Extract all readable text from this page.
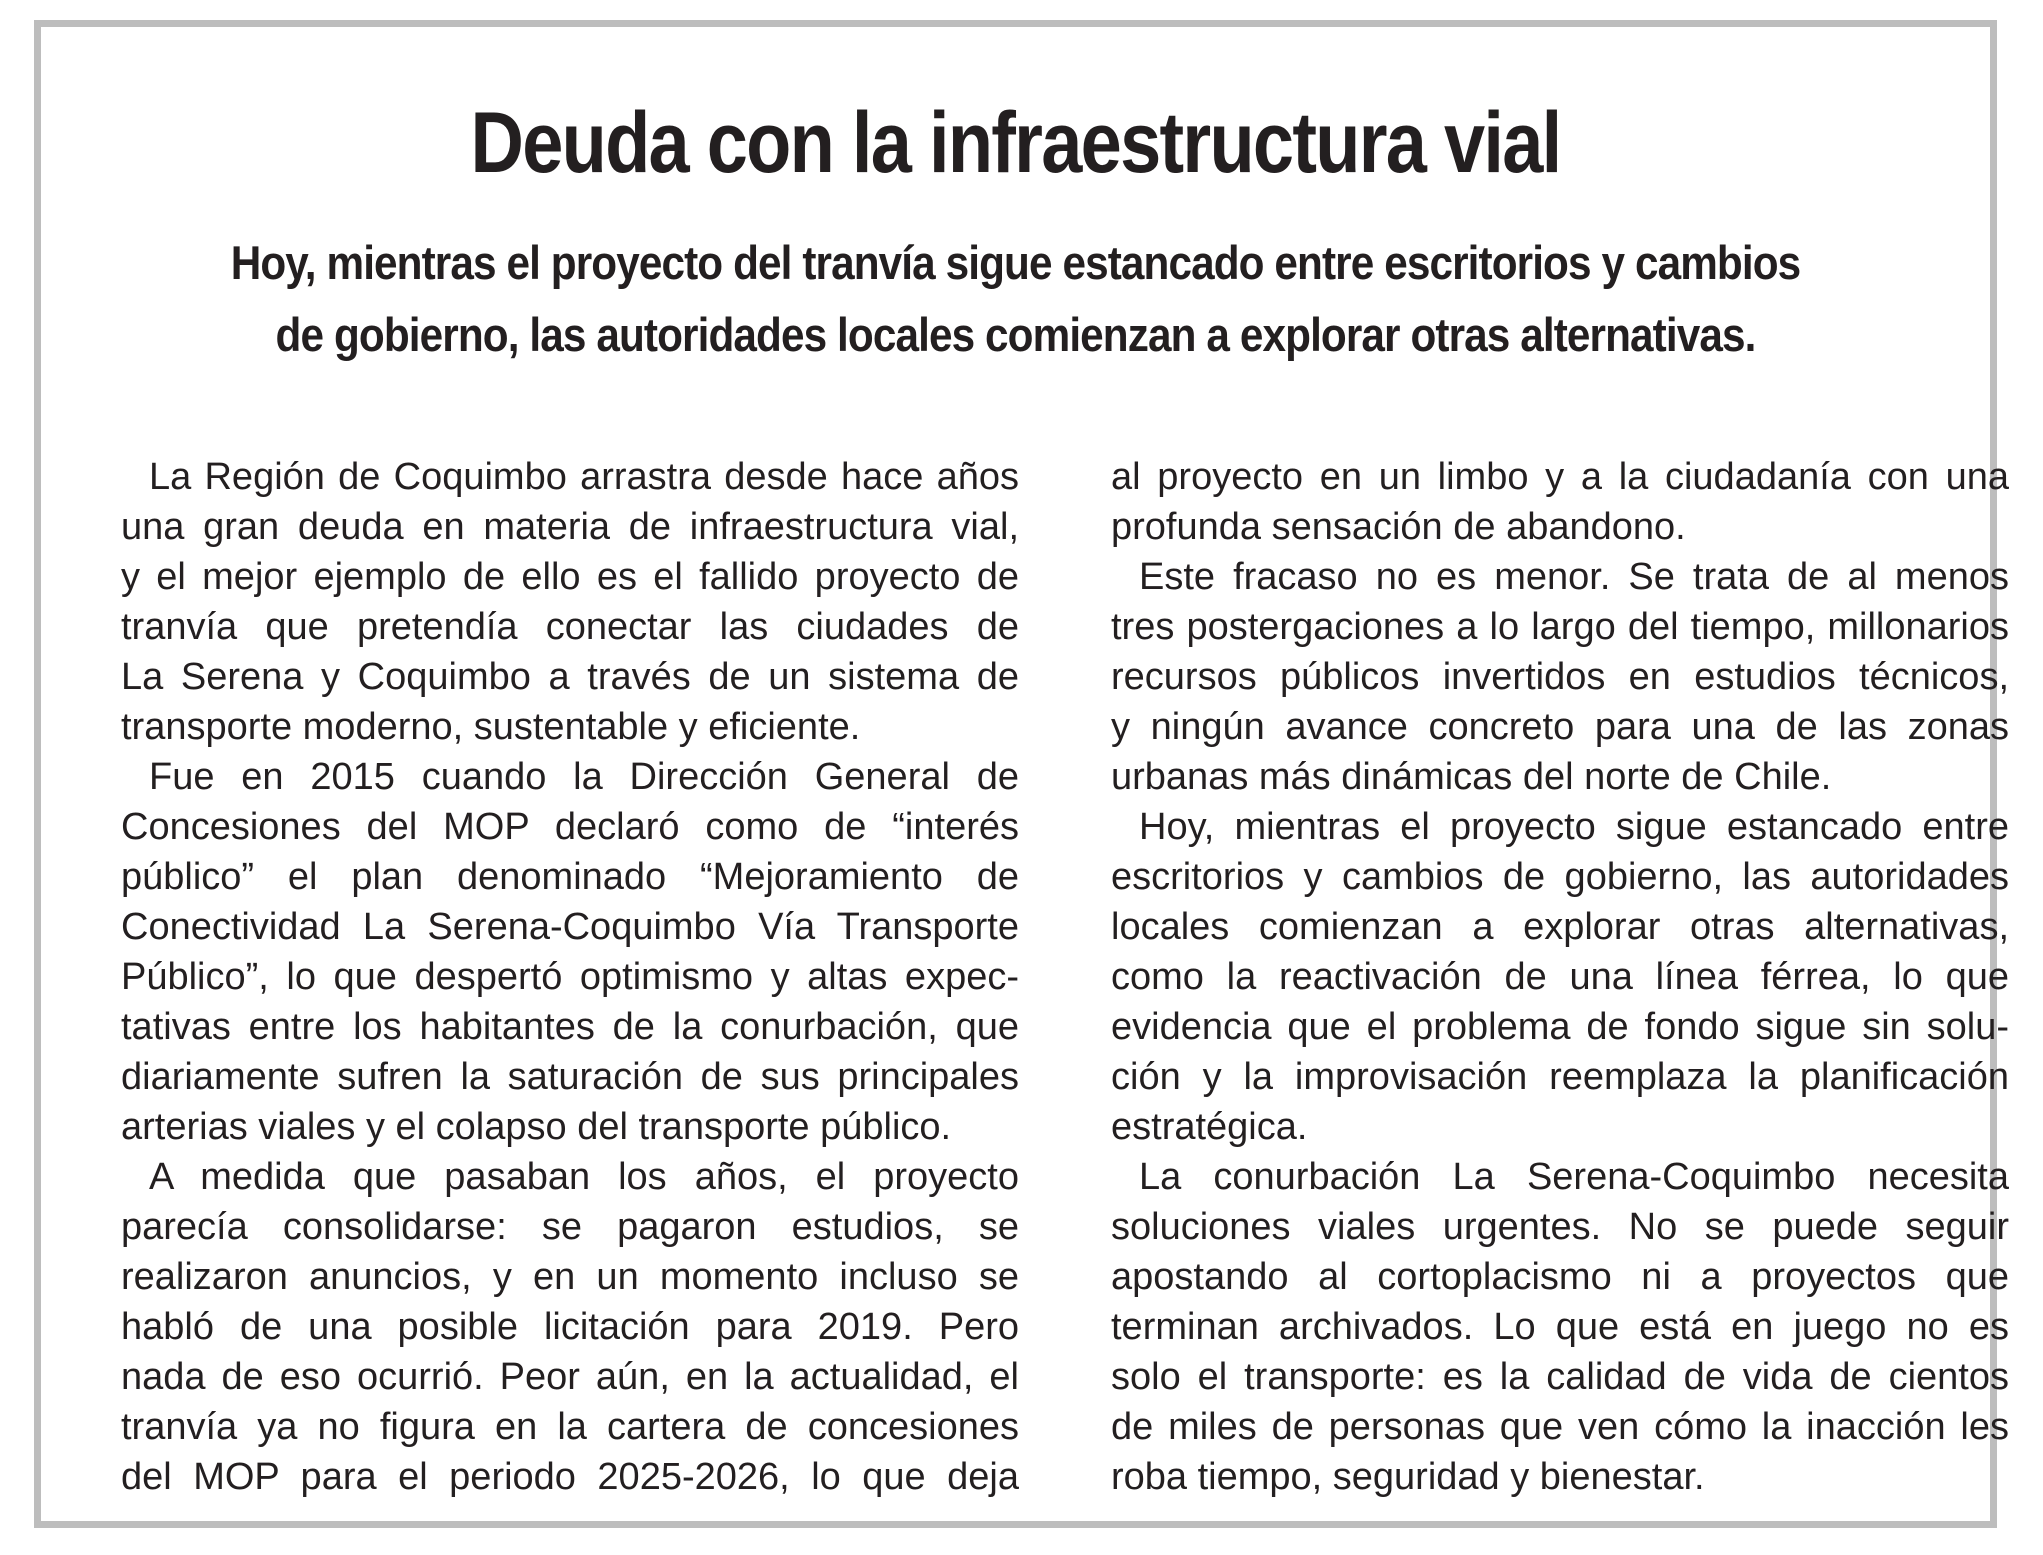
Deuda con la infraestructura vial

Hoy, mientras el proyecto del tranvía sigue estancado entre escritorios y cambios
de gobierno, las autoridades locales comienzan a explorar otras alternativas.

La Región de Coquimbo arrastra desde hace años
una gran deuda en materia de infraestructura vial,
y el mejor ejemplo de ello es el fallido proyecto de
tranvía que pretendía conectar las ciudades de
La Serena y Coquimbo a través de un sistema de
transporte moderno, sustentable y eficiente.
Fue en 2015 cuando la Dirección General de
Concesiones del MOP declaró como de “interés
público” el plan denominado “Mejoramiento de
Conectividad La Serena-Coquimbo Vía Transporte
Público”, lo que despertó optimismo y altas expec-
tativas entre los habitantes de la conurbación, que
diariamente sufren la saturación de sus principales
arterias viales y el colapso del transporte público.
A medida que pasaban los años, el proyecto
parecía consolidarse: se pagaron estudios, se
realizaron anuncios, y en un momento incluso se
habló de una posible licitación para 2019. Pero
nada de eso ocurrió. Peor aún, en la actualidad, el
tranvía ya no figura en la cartera de concesiones
del MOP para el periodo 2025-2026, lo que deja
al proyecto en un limbo y a la ciudadanía con una
profunda sensación de abandono.
Este fracaso no es menor. Se trata de al menos
tres postergaciones a lo largo del tiempo, millonarios
recursos públicos invertidos en estudios técnicos,
y ningún avance concreto para una de las zonas
urbanas más dinámicas del norte de Chile.
Hoy, mientras el proyecto sigue estancado entre
escritorios y cambios de gobierno, las autoridades
locales comienzan a explorar otras alternativas,
como la reactivación de una línea férrea, lo que
evidencia que el problema de fondo sigue sin solu-
ción y la improvisación reemplaza la planificación
estratégica.
La conurbación La Serena-Coquimbo necesita
soluciones viales urgentes. No se puede seguir
apostando al cortoplacismo ni a proyectos que
terminan archivados. Lo que está en juego no es
solo el transporte: es la calidad de vida de cientos
de miles de personas que ven cómo la inacción les
roba tiempo, seguridad y bienestar.
